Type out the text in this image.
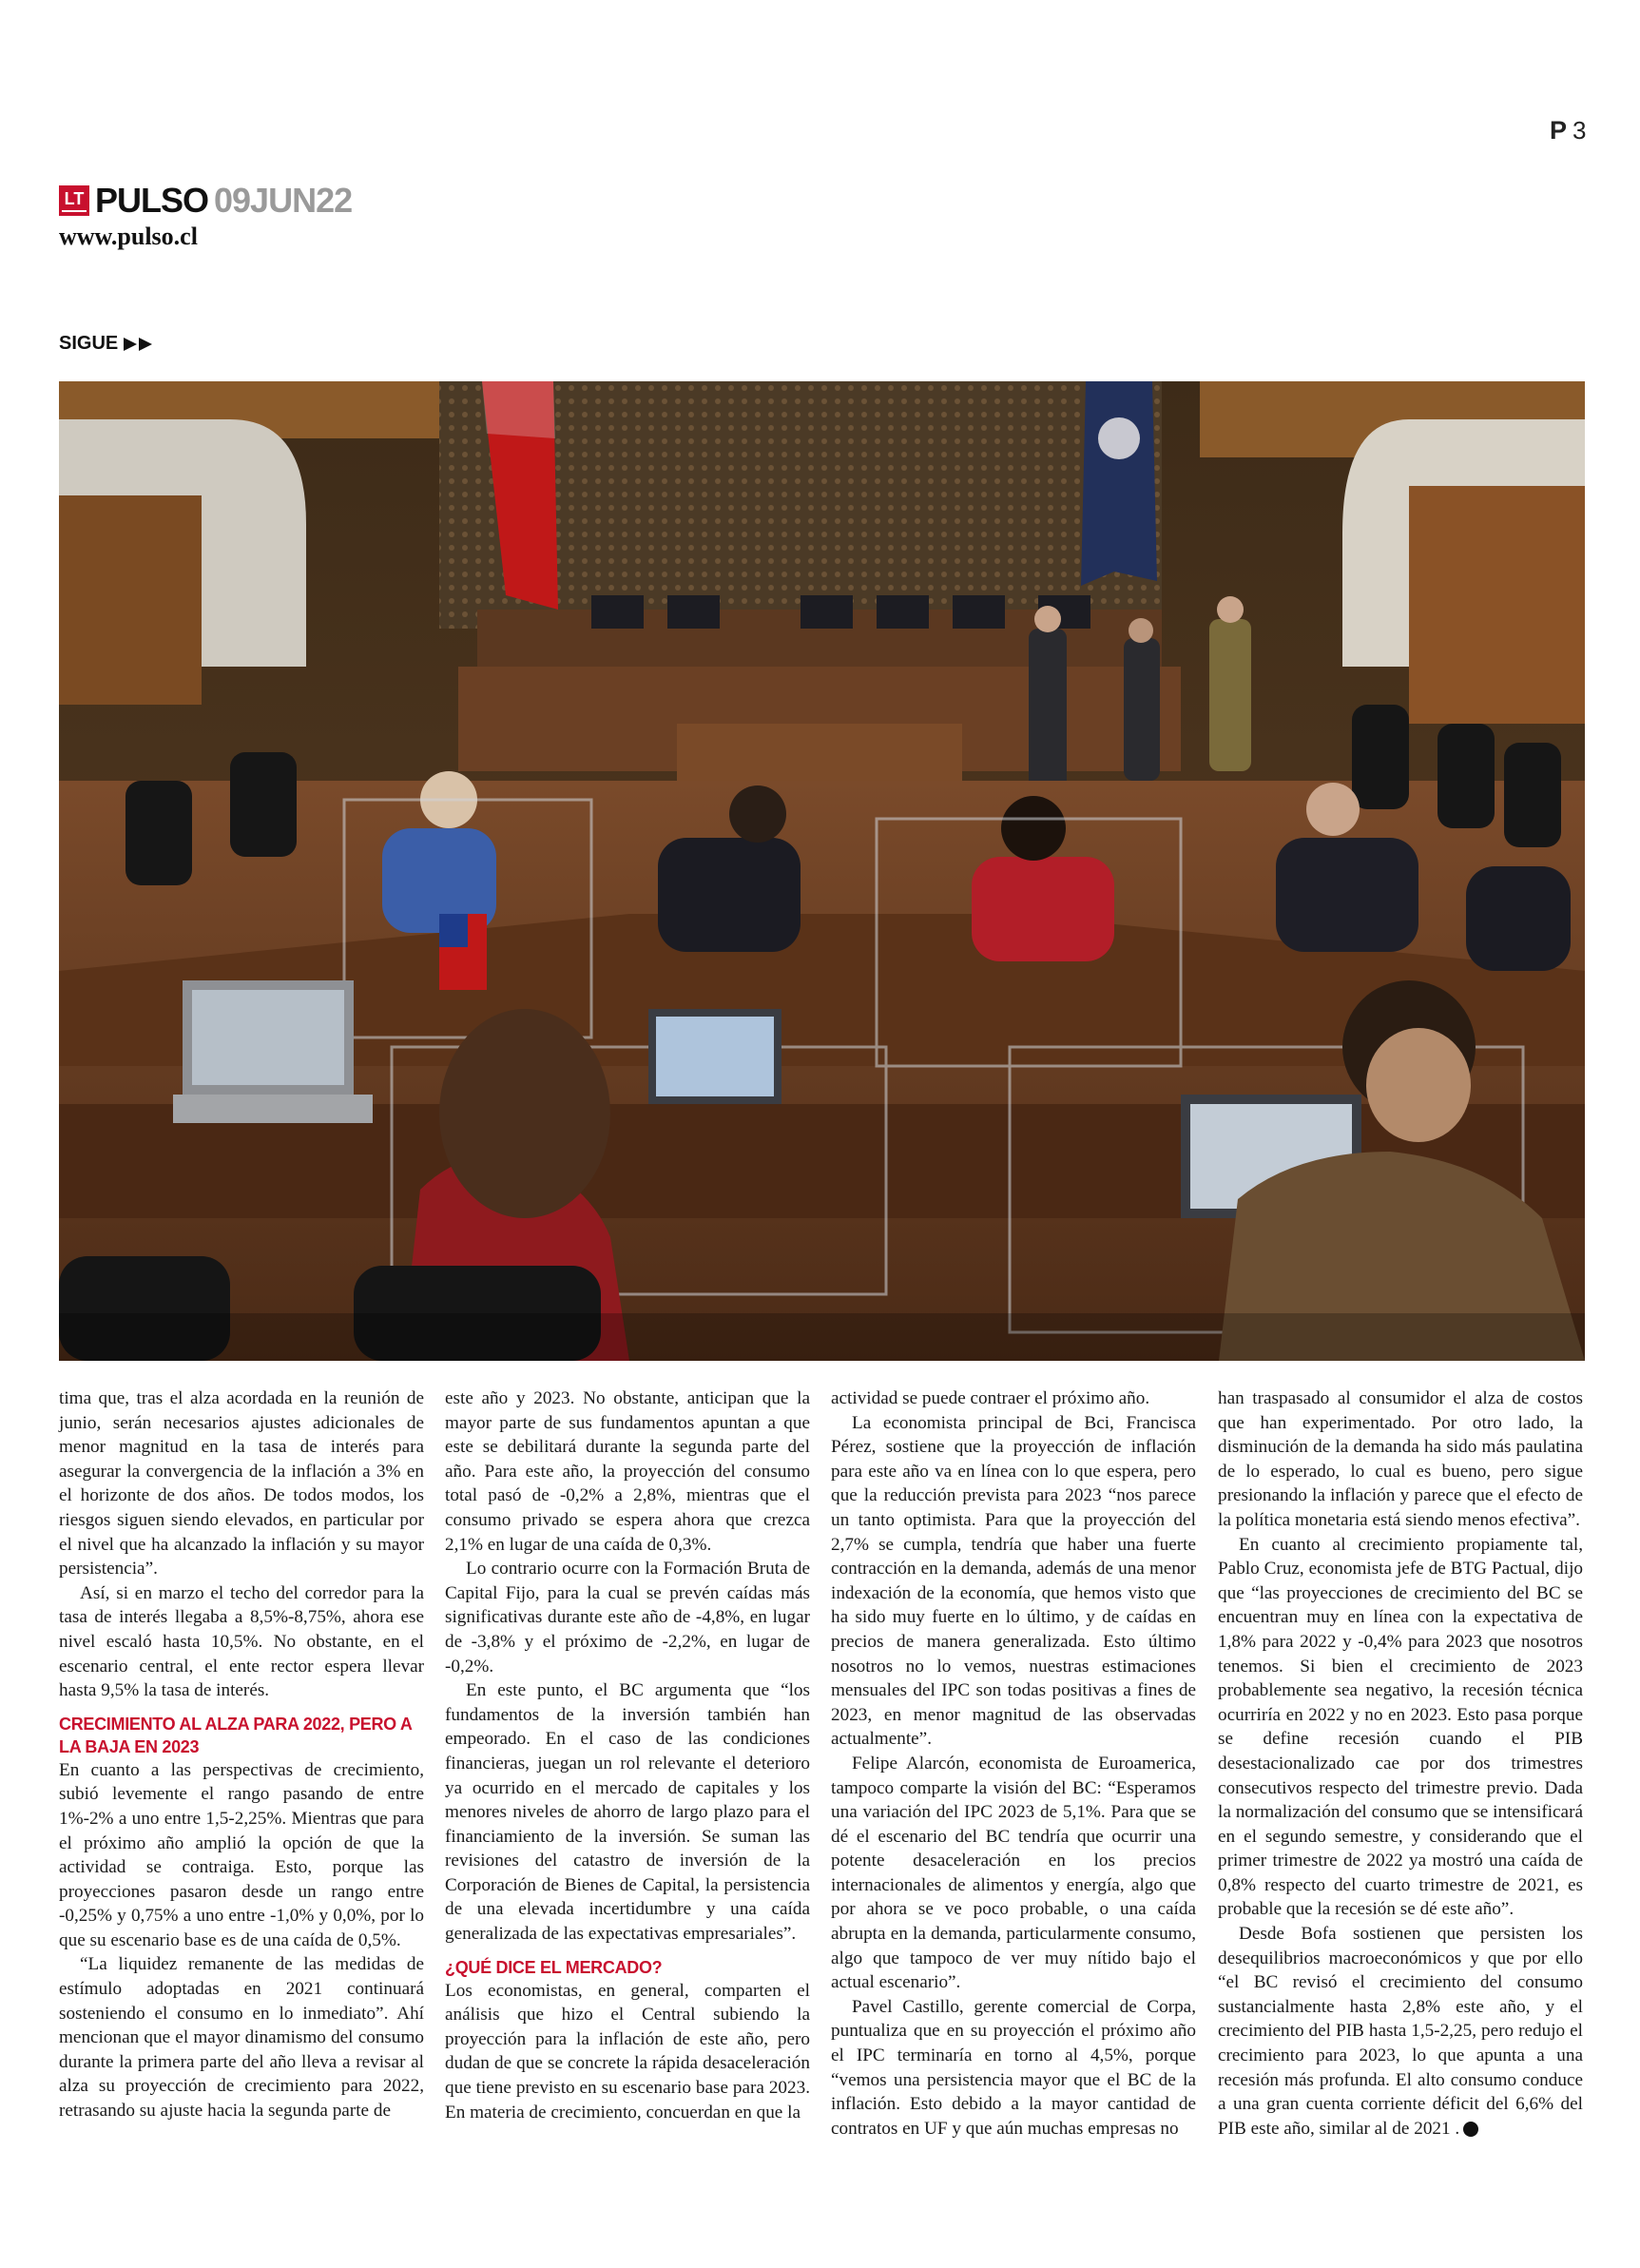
P 3
LT PULSO 09JUN22
www.pulso.cl
SIGUE

tima que, tras el alza acordada en la reunión de junio, serán necesarios ajustes adicionales de menor magnitud en la tasa de interés para asegurar la convergencia de la inflación a 3% en el horizonte de dos años. De todos modos, los riesgos siguen siendo elevados, en particular por el nivel que ha alcanzado la inflación y su mayor persistencia”.

Así, si en marzo el techo del corredor para la tasa de interés llegaba a 8,5%-8,75%, ahora ese nivel escaló hasta 10,5%. No obstante, en el escenario central, el ente rector espera llevar hasta 9,5% la tasa de interés.

CRECIMIENTO AL ALZA PARA 2022, PERO A LA BAJA EN 2023

En cuanto a las perspectivas de crecimiento, subió levemente el rango pasando de entre 1%-2% a uno entre 1,5-2,25%. Mientras que para el próximo año amplió la opción de que la actividad se contraiga. Esto, porque las proyecciones pasaron desde un rango entre -0,25% y 0,75% a uno entre -1,0% y 0,0%, por lo que su escenario base es de una caída de 0,5%.

“La liquidez remanente de las medidas de estímulo adoptadas en 2021 continuará sosteniendo el consumo en lo inmediato”. Ahí mencionan que el mayor dinamismo del consumo durante la primera parte del año lleva a revisar al alza su proyección de crecimiento para 2022, retrasando su ajuste hacia la segunda parte de

este año y 2023. No obstante, anticipan que la mayor parte de sus fundamentos apuntan a que este se debilitará durante la segunda parte del año. Para este año, la proyección del consumo total pasó de -0,2% a 2,8%, mientras que el consumo privado se espera ahora que crezca 2,1% en lugar de una caída de 0,3%.

Lo contrario ocurre con la Formación Bruta de Capital Fijo, para la cual se prevén caídas más significativas durante este año de -4,8%, en lugar de -3,8% y el próximo de -2,2%, en lugar de -0,2%.

En este punto, el BC argumenta que “los fundamentos de la inversión también han empeorado. En el caso de las condiciones financieras, juegan un rol relevante el deterioro ya ocurrido en el mercado de capitales y los menores niveles de ahorro de largo plazo para el financiamiento de la inversión. Se suman las revisiones del catastro de inversión de la Corporación de Bienes de Capital, la persistencia de una elevada incertidumbre y una caída generalizada de las expectativas empresariales”.

¿QUÉ DICE EL MERCADO?

Los economistas, en general, comparten el análisis que hizo el Central subiendo la proyección para la inflación de este año, pero dudan de que se concrete la rápida desaceleración que tiene previsto en su escenario base para 2023. En materia de crecimiento, concuerdan en que la

actividad se puede contraer el próximo año.

La economista principal de Bci, Francisca Pérez, sostiene que la proyección de inflación para este año va en línea con lo que espera, pero que la reducción prevista para 2023 “nos parece un tanto optimista. Para que la proyección del 2,7% se cumpla, tendría que haber una fuerte contracción en la demanda, además de una menor indexación de la economía, que hemos visto que ha sido muy fuerte en lo último, y de caídas en precios de manera generalizada. Esto último nosotros no lo vemos, nuestras estimaciones mensuales del IPC son todas positivas a fines de 2023, en menor magnitud de las observadas actualmente”.

Felipe Alarcón, economista de Euroamerica, tampoco comparte la visión del BC: “Esperamos una variación del IPC 2023 de 5,1%. Para que se dé el escenario del BC tendría que ocurrir una potente desaceleración en los precios internacionales de alimentos y energía, algo que por ahora se ve poco probable, o una caída abrupta en la demanda, particularmente consumo, algo que tampoco de ver muy nítido bajo el actual escenario”.

Pavel Castillo, gerente comercial de Corpa, puntualiza que en su proyección el próximo año el IPC terminaría en torno al 4,5%, porque “vemos una persistencia mayor que el BC de la inflación. Esto debido a la mayor cantidad de contratos en UF y que aún muchas empresas no

han traspasado al consumidor el alza de costos que han experimentado. Por otro lado, la disminución de la demanda ha sido más paulatina de lo esperado, lo cual es bueno, pero sigue presionando la inflación y parece que el efecto de la política monetaria está siendo menos efectiva”.

En cuanto al crecimiento propiamente tal, Pablo Cruz, economista jefe de BTG Pactual, dijo que “las proyecciones de crecimiento del BC se encuentran muy en línea con la expectativa de 1,8% para 2022 y -0,4% para 2023 que nosotros tenemos. Si bien el crecimiento de 2023 probablemente sea negativo, la recesión técnica ocurriría en 2022 y no en 2023. Esto pasa porque se define recesión cuando el PIB desestacionalizado cae por dos trimestres consecutivos respecto del trimestre previo. Dada la normalización del consumo que se intensificará en el segundo semestre, y considerando que el primer trimestre de 2022 ya mostró una caída de 0,8% respecto del cuarto trimestre de 2021, es probable que la recesión se dé este año”.

Desde Bofa sostienen que persisten los desequilibrios macroeconómicos y que por ello “el BC revisó el crecimiento del consumo sustancialmente hasta 2,8% este año, y el crecimiento del PIB hasta 1,5-2,25, pero redujo el crecimiento para 2023, lo que apunta a una recesión más profunda. El alto consumo conduce a una gran cuenta corriente déficit del 6,6% del PIB este año, similar al de 2021 . P
